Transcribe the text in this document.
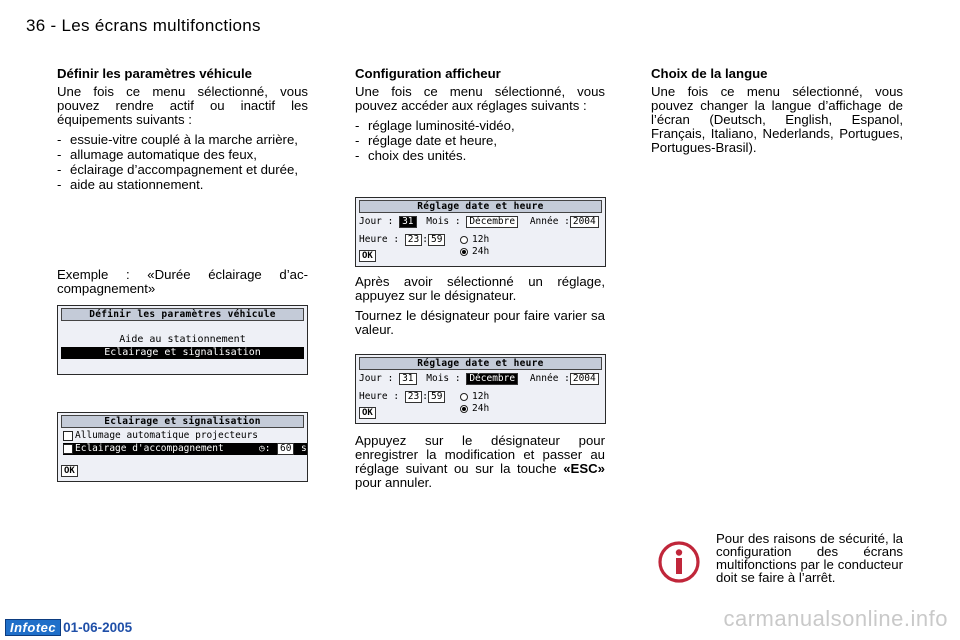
36 - Les écrans multifonctions
Définir les paramètres véhicule

Une fois ce menu sélectionné, vous pouvez rendre actif ou inactif les équipements suivants :

- essuie-vitre couplé à la marche arrière,
- allumage automatique des feux,
- éclairage d’accompagnement et durée,
- aide au stationnement.
Exemple : «Durée éclairage d’ac-compagnement»
Définir les paramètres véhicule
Aide au stationnement
Eclairage et signalisation
Eclairage et signalisation
Allumage automatique projecteurs
✓ Eclairage d'accompagnement	◷:	60	s
OK
Configuration afficheur

Une fois ce menu sélectionné, vous pouvez accéder aux réglages suivants :

- réglage luminosité-vidéo,
- réglage date et heure,
- choix des unités.
Réglage date et heure
Jour : 31 Mois : Décembre Année : 2004
Heure : 23 : 59	12h
24h
OK

Après avoir sélectionné un réglage, appuyez sur le désignateur.

Tournez le désignateur pour faire varier sa valeur.

Réglage date et heure
Jour : 31 Mois : Décembre Année : 2004
Heure : 23 : 59	12h
24h
OK
Appuyez sur le désignateur pour enregistrer la modification et passer au réglage suivant ou sur la touche «ESC» pour annuler.
Choix de la langue

Une fois ce menu sélectionné, vous pouvez changer la langue d’affichage de l’écran (Deutsch, English, Espanol, Français, Italiano, Nederlands, Portugues, Portugues-Brasil).

Pour des raisons de sécurité, la configuration des écrans multifonctions par le conducteur doit se faire à l’arrêt.
Infotec 01-06-2005	carmanualsonline.info
